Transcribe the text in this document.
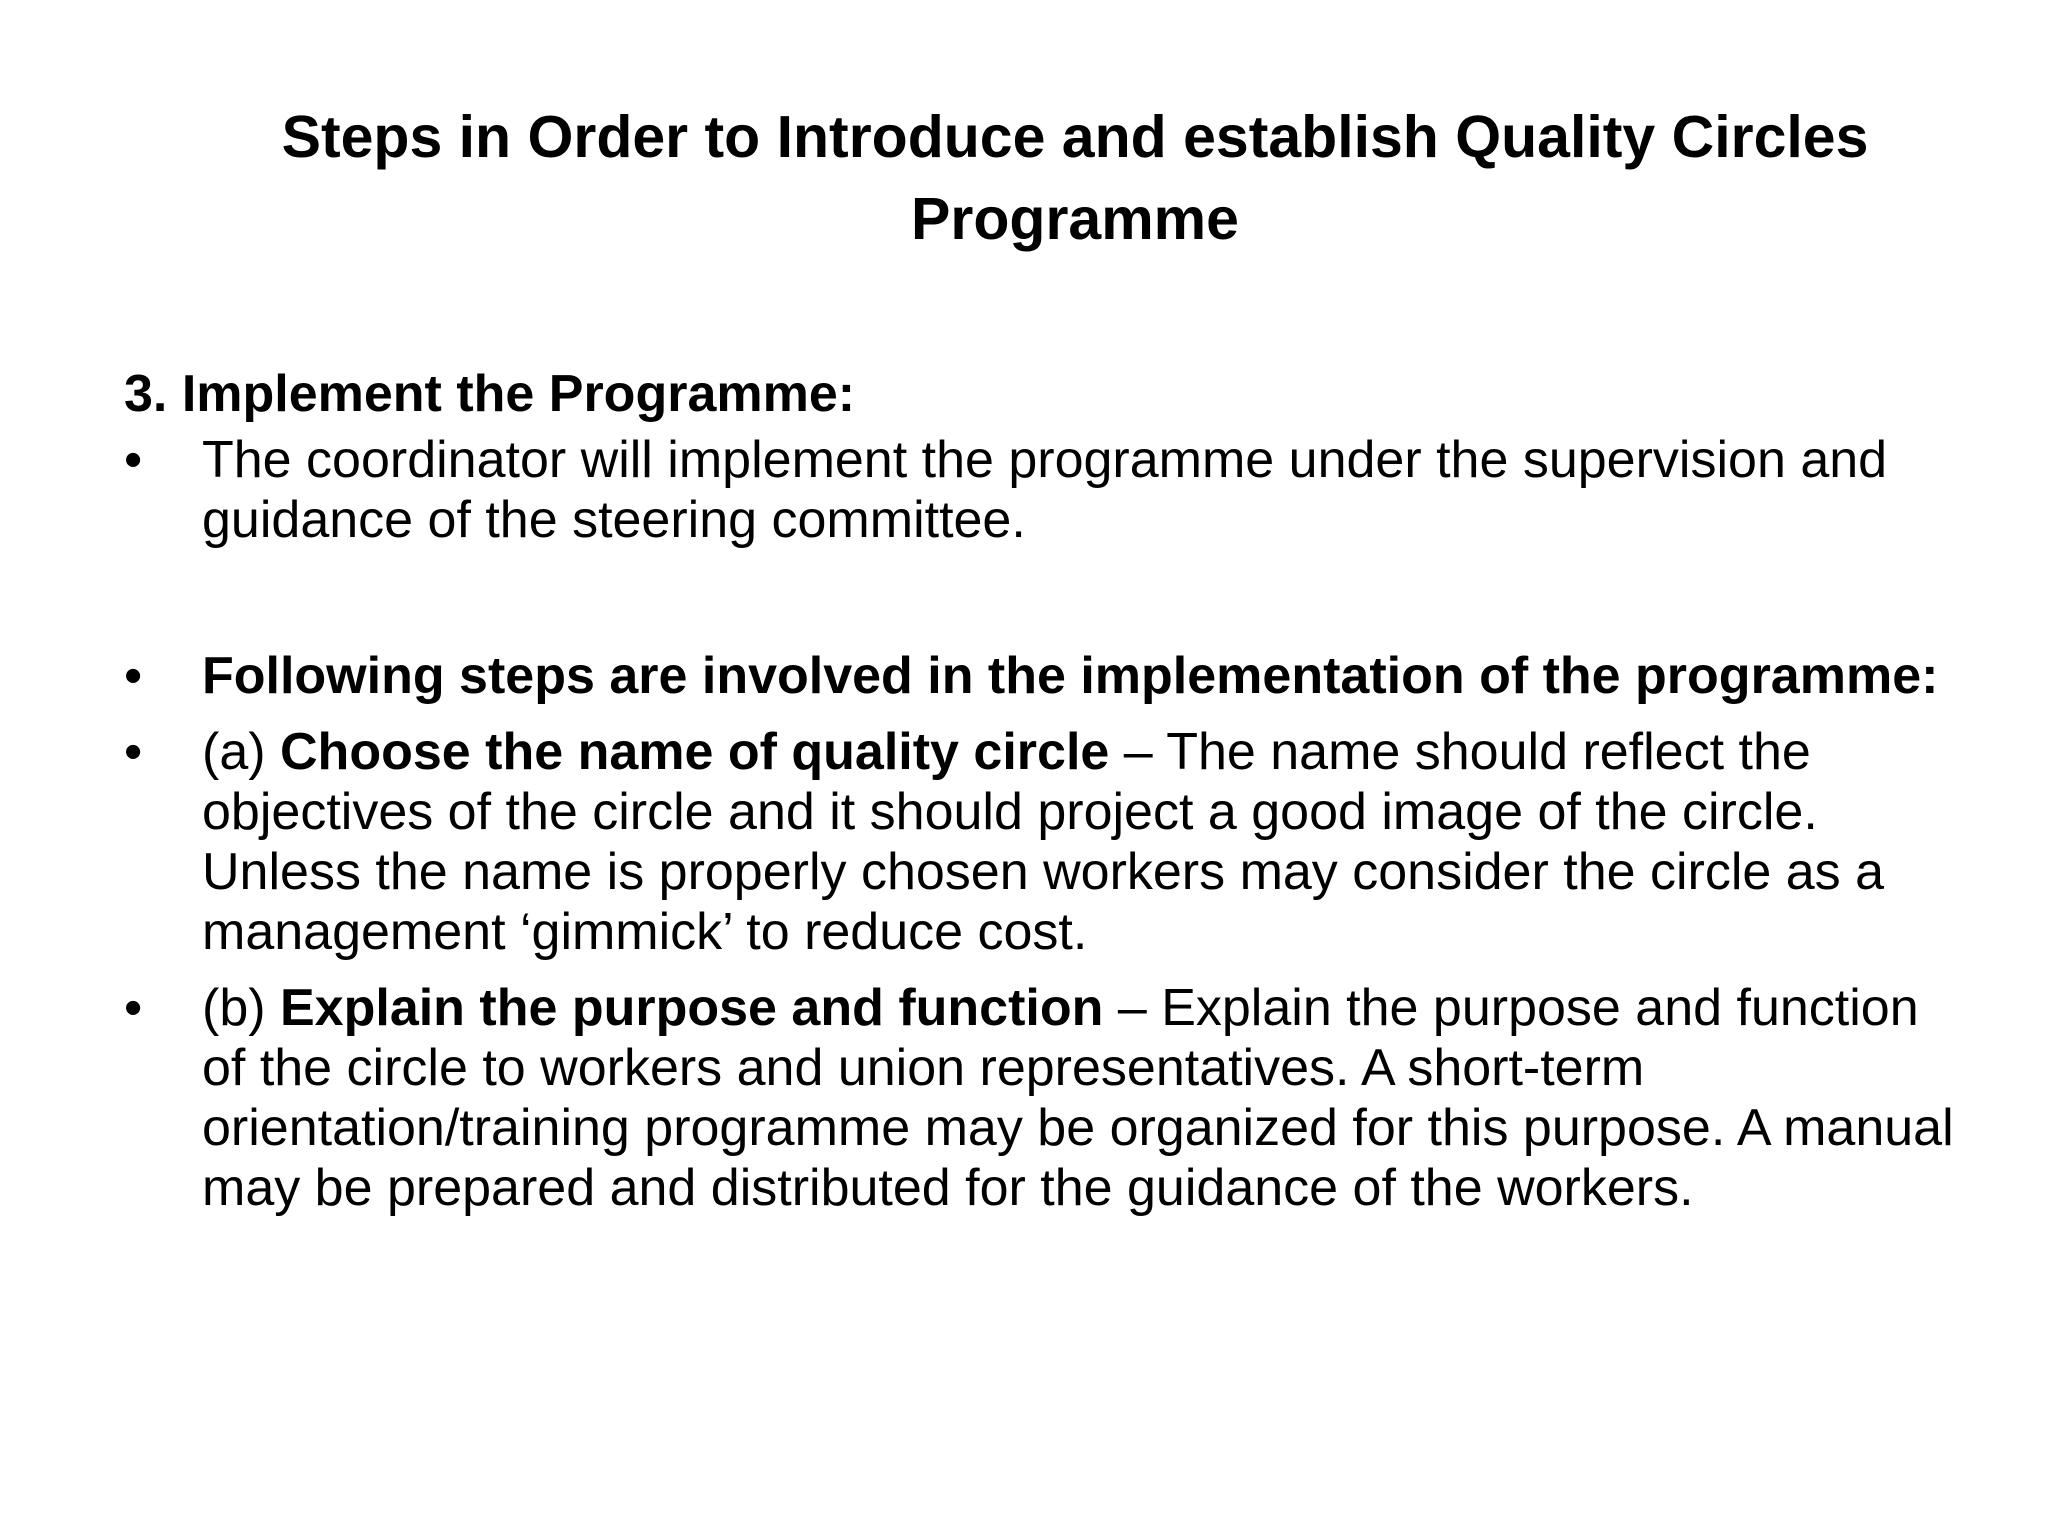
Steps in Order to Introduce and establish Quality Circles
Programme
3. Implement the Programme:
•	The coordinator will implement the programme under the supervision and guidance of the steering committee.
•	Following steps are involved in the implementation of the programme:
•	(a) Choose the name of quality circle – The name should reflect the objectives of the circle and it should project a good image of the circle. Unless the name is properly chosen workers may consider the circle as a management ‘gimmick’ to reduce cost.
•	(b) Explain the purpose and function – Explain the purpose and function of the circle to workers and union representatives. A short-term orientation/training programme may be organized for this purpose. A manual may be prepared and distributed for the guidance of the workers.
